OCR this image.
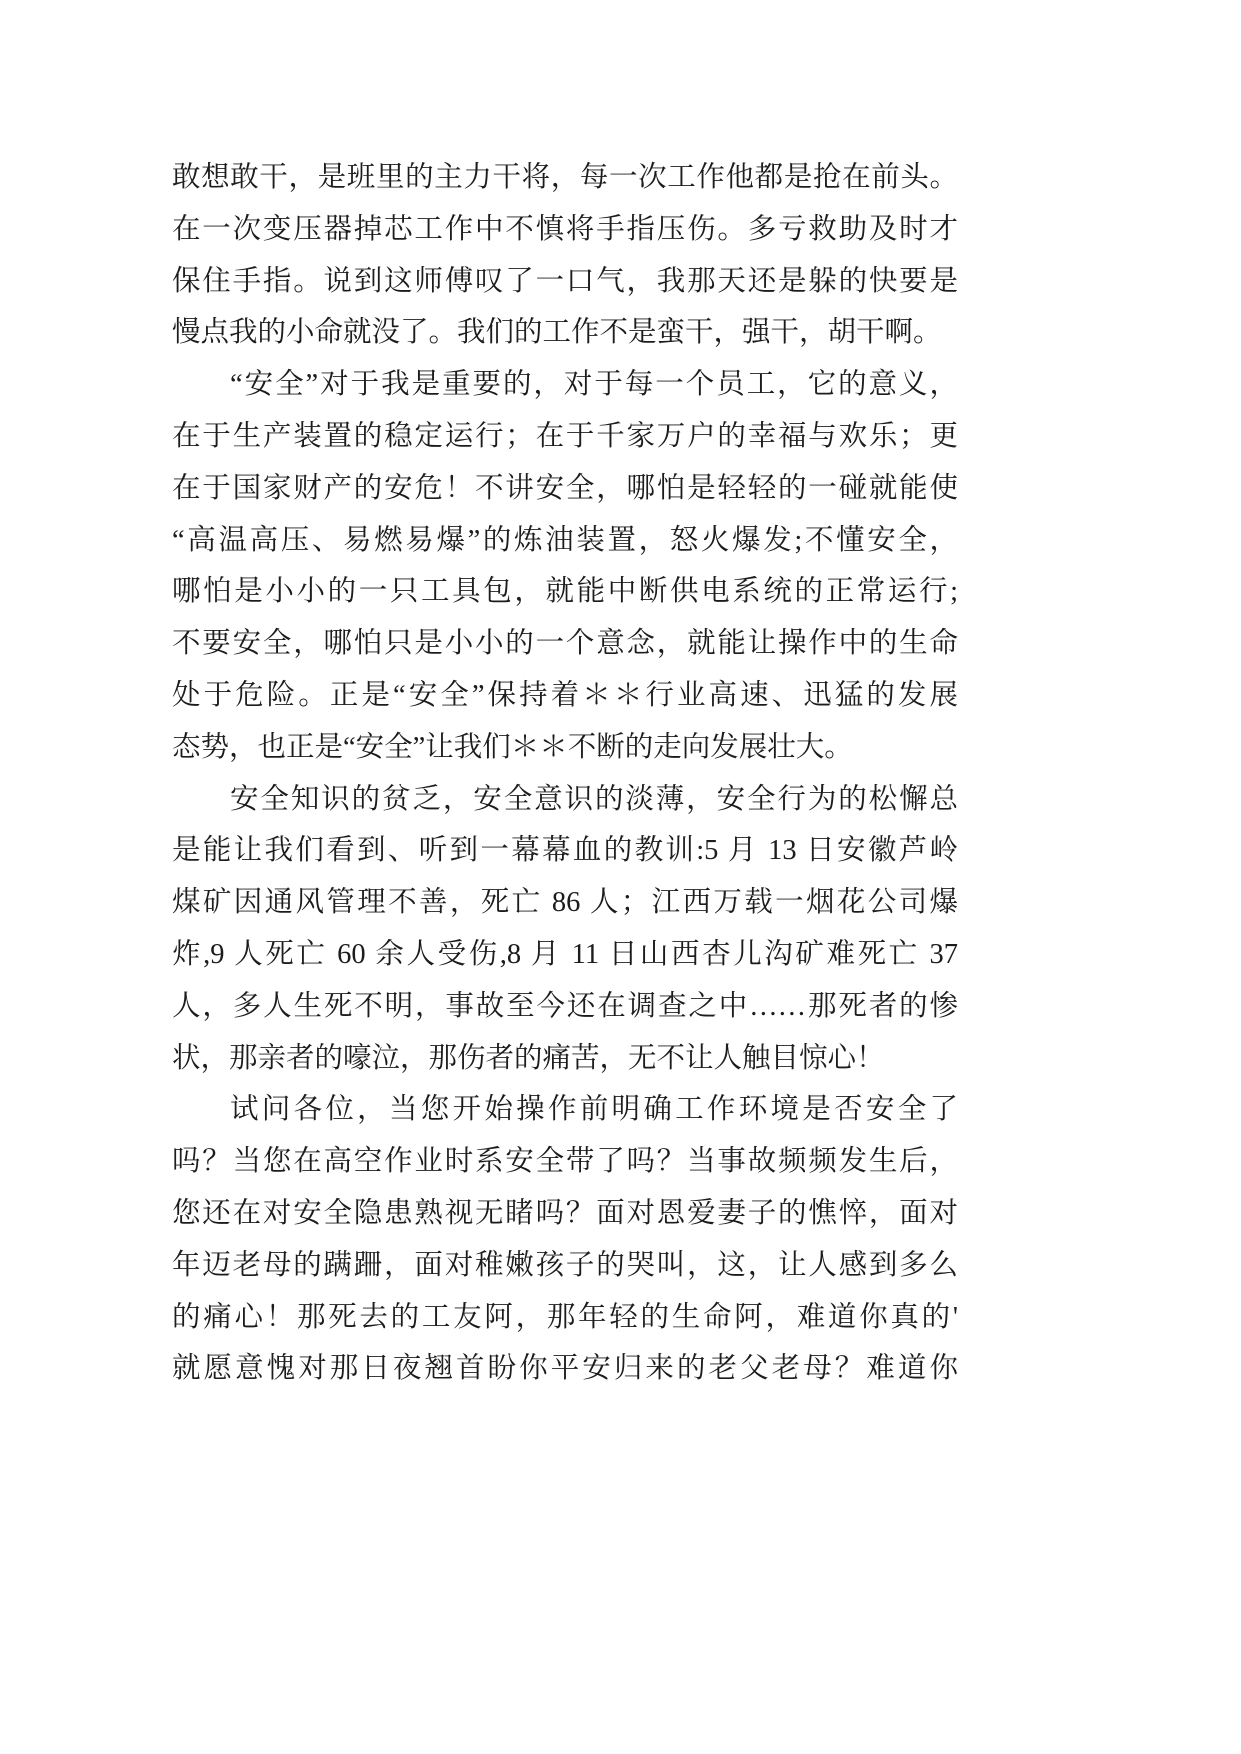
敢想敢干，是班里的主力干将，每一次工作他都是抢在前头。
在一次变压器掉芯工作中不慎将手指压伤。多亏救助及时才
保住手指。说到这师傅叹了一口气，我那天还是躲的快要是
慢点我的小命就没了。我们的工作不是蛮干，强干，胡干啊。
“安全”对于我是重要的，对于每一个员工，它的意义，
在于生产装置的稳定运行；在于千家万户的幸福与欢乐；更
在于国家财产的安危！不讲安全，哪怕是轻轻的一碰就能使
“高温高压、易燃易爆”的炼油装置，怒火爆发;不懂安全，
哪怕是小小的一只工具包，就能中断供电系统的正常运行;
不要安全，哪怕只是小小的一个意念，就能让操作中的生命
处于危险。正是“安全”保持着＊＊行业高速、迅猛的发展
态势，也正是“安全”让我们＊＊不断的走向发展壮大。
安全知识的贫乏，安全意识的淡薄，安全行为的松懈总
是能让我们看到、听到一幕幕血的教训:5 月 13 日安徽芦岭
煤矿因通风管理不善，死亡 86 人；江西万载一烟花公司爆
炸,9 人死亡 60 余人受伤,8 月 11 日山西杏儿沟矿难死亡 37
人，多人生死不明，事故至今还在调查之中……那死者的惨
状，那亲者的嚎泣，那伤者的痛苦，无不让人触目惊心！
试问各位，当您开始操作前明确工作环境是否安全了
吗？当您在高空作业时系安全带了吗？当事故频频发生后，
您还在对安全隐患熟视无睹吗？面对恩爱妻子的憔悴，面对
年迈老母的蹒跚，面对稚嫩孩子的哭叫，这，让人感到多么
的痛心！那死去的工友阿，那年轻的生命阿，难道你真的'
就愿意愧对那日夜翘首盼你平安归来的老父老母？难道你
